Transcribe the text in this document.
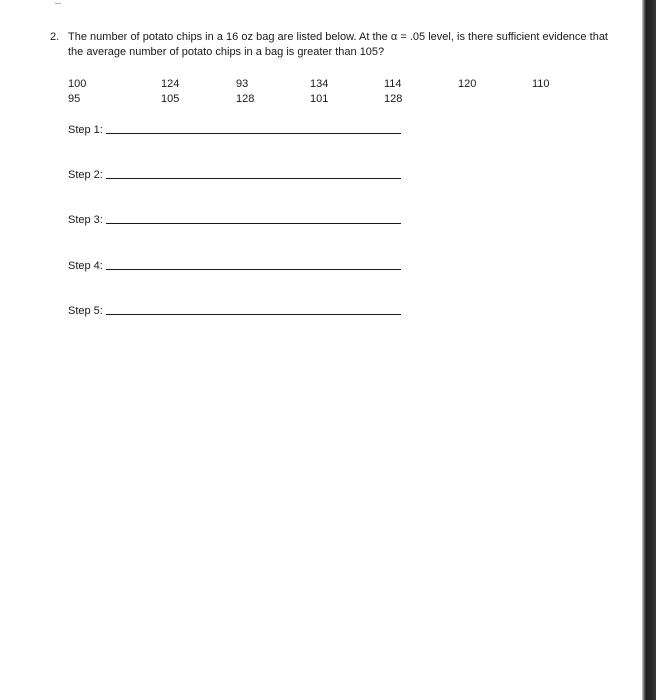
2. The number of potato chips in a 16 oz bag are listed below. At the α = .05 level, is there sufficient evidence that the average number of potato chips in a bag is greater than 105?
100	124	93	134	114	120	110
95	105	128	101	128
Step 1:
Step 2:
Step 3:
Step 4:
Step 5:
